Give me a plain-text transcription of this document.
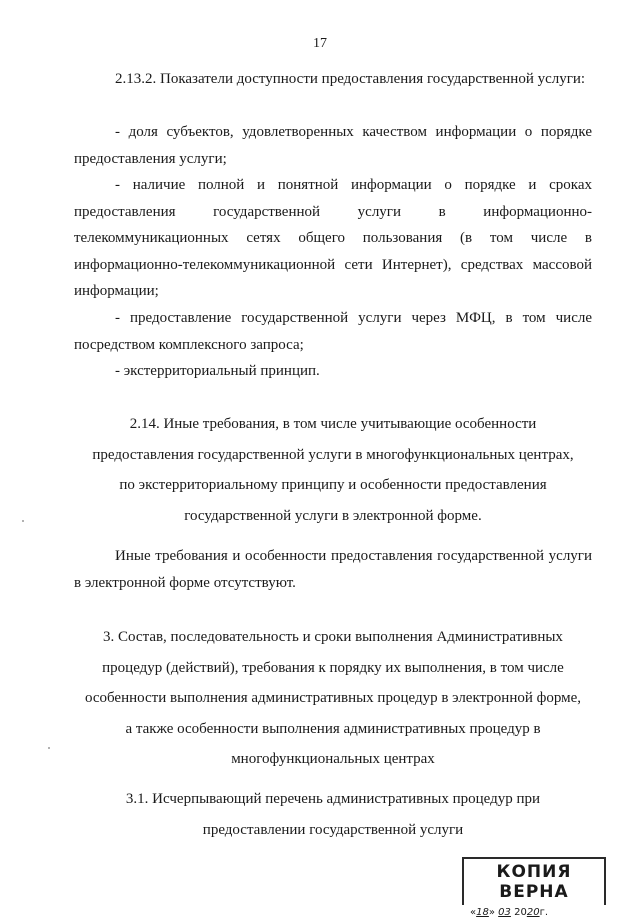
17
2.13.2. Показатели доступности предоставления государственной услуги:
- доля субъектов, удовлетворенных качеством информации о порядке предоставления услуги;
- наличие полной и понятной информации о порядке и сроках предоставления государственной услуги в информационно-телекоммуникационных сетях общего пользования (в том числе в информационно-телекоммуникационной сети Интернет), средствах массовой информации;
- предоставление государственной услуги через МФЦ, в том числе посредством комплексного запроса;
- экстерриториальный принцип.
2.14. Иные требования, в том числе учитывающие особенности
предоставления государственной услуги в многофункциональных центрах,
по экстерриториальному принципу и особенности предоставления
государственной услуги в электронной форме.
Иные требования и особенности предоставления государственной услуги в электронной форме отсутствуют.
3. Состав, последовательность и сроки выполнения Административных
процедур (действий), требования к порядку их выполнения, в том числе
особенности выполнения административных процедур в электронной форме,
а также особенности выполнения административных процедур в
многофункциональных центрах
3.1. Исчерпывающий перечень административных процедур при
предоставлении государственной услуги
КОПИЯ ВЕРНА
«18» 03 2020г.
